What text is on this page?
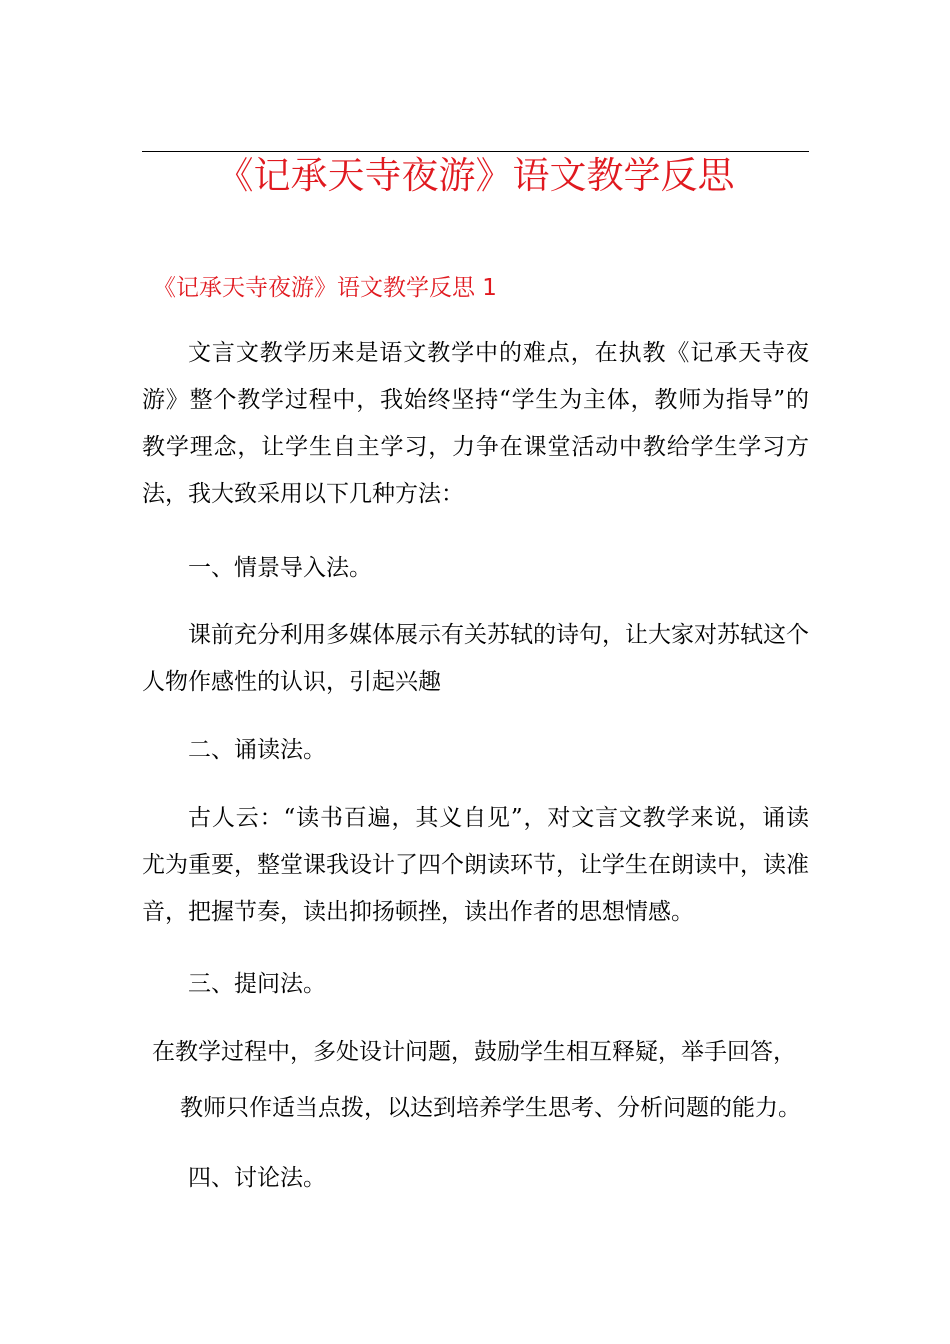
《记承天寺夜游》语文教学反思
《记承天寺夜游》语文教学反思 1
文言文教学历来是语文教学中的难点，在执教《记承天寺夜游》整个教学过程中，我始终坚持“学生为主体，教师为指导”的教学理念，让学生自主学习，力争在课堂活动中教给学生学习方法，我大致采用以下几种方法：
一、情景导入法。
课前充分利用多媒体展示有关苏轼的诗句，让大家对苏轼这个人物作感性的认识，引起兴趣
二、诵读法。
古人云：“读书百遍，其义自见”，对文言文教学来说，诵读尤为重要，整堂课我设计了四个朗读环节，让学生在朗读中，读准音，把握节奏，读出抑扬顿挫，读出作者的思想情感。
三、提问法。
在教学过程中，多处设计问题，鼓励学生相互释疑，举手回答，
教师只作适当点拨，以达到培养学生思考、分析问题的能力。
四、讨论法。
